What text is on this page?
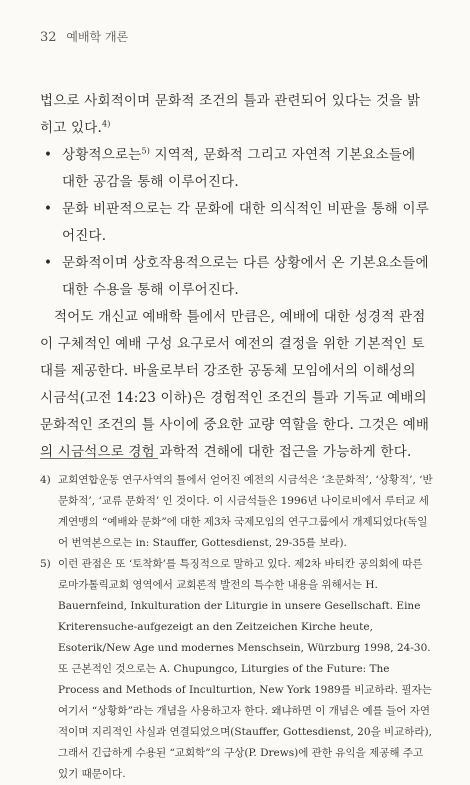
32 예배학 개론

법으로 사회적이며 문화적 조건의 틀과 관련되어 있다는 것을 밝히고 있다.$^{4)}$

• 상황적으로는$^{5)}$ 지역적, 문화적 그리고 자연적 기본요소들에 대한 공감을 통해 이루어진다.
• 문화 비판적으로는 각 문화에 대한 의식적인 비판을 통해 이루어진다.
• 문화적이며 상호작용적으로는 다른 상황에서 온 기본요소들에 대한 수용을 통해 이루어진다.

적어도 개신교 예배학 틀에서 만큼은, 예배에 대한 성경적 관점이 구체적인 예배 구성 요구로서 예전의 결정을 위한 기본적인 토대를 제공한다. 바울로부터 강조한 공동체 모임에서의 이해성의 시금석(고전 14:23 이하)은 경험적인 조건의 틀과 기독교 예배의 문화적인 조건의 틀 사이에 중요한 교량 역할을 한다. 그것은 예배의 시금석으로 경험 과학적 견해에 대한 접근을 가능하게 한다.

4) 교회연합운동 연구사역의 틀에서 얻어진 예전의 시금석은 ‘초문화적’, ‘상황적’, ‘반문화적’, ‘교류 문화적’ 인 것이다. 이 시금석들은 1996년 나이로비에서 루터교 세계연맹의 “예배와 문화”에 대한 제3차 국제모임의 연구그룹에서 개제되었다(독일어 번역본으로는 in: Stauffer, Gottesdienst, 29-35를 보라).
5) 이런 관점은 또 ‘토착화’를 특징적으로 말하고 있다. 제2차 바티칸 공의회에 따른 로마가톨릭교회 영역에서 교회론적 발전의 특수한 내용을 위해서는 H. Bauernfeind, Inkulturation der Liturgie in unsere Gesellschaft. Eine Kriterensuche-aufgezeigt an den Zeitzeichen Kirche heute, Esoterik/New Age und modernes Menschsein, Würzburg 1998, 24-30. 또 근본적인 것으로는 A. Chupungco, Liturgies of the Future: The Process and Methods of Inculturtion, New York 1989를 비교하라. 필자는 여기서 “상황화”라는 개념을 사용하고자 한다. 왜냐하면 이 개념은 예를 들어 자연적이며 지리적인 사실과 연결되었으며(Stauffer, Gottesdienst, 20을 비교하라), 그래서 긴급하게 수용된 “교회학”의 구상(P. Drews)에 관한 유익을 제공해 주고 있기 때문이다.
